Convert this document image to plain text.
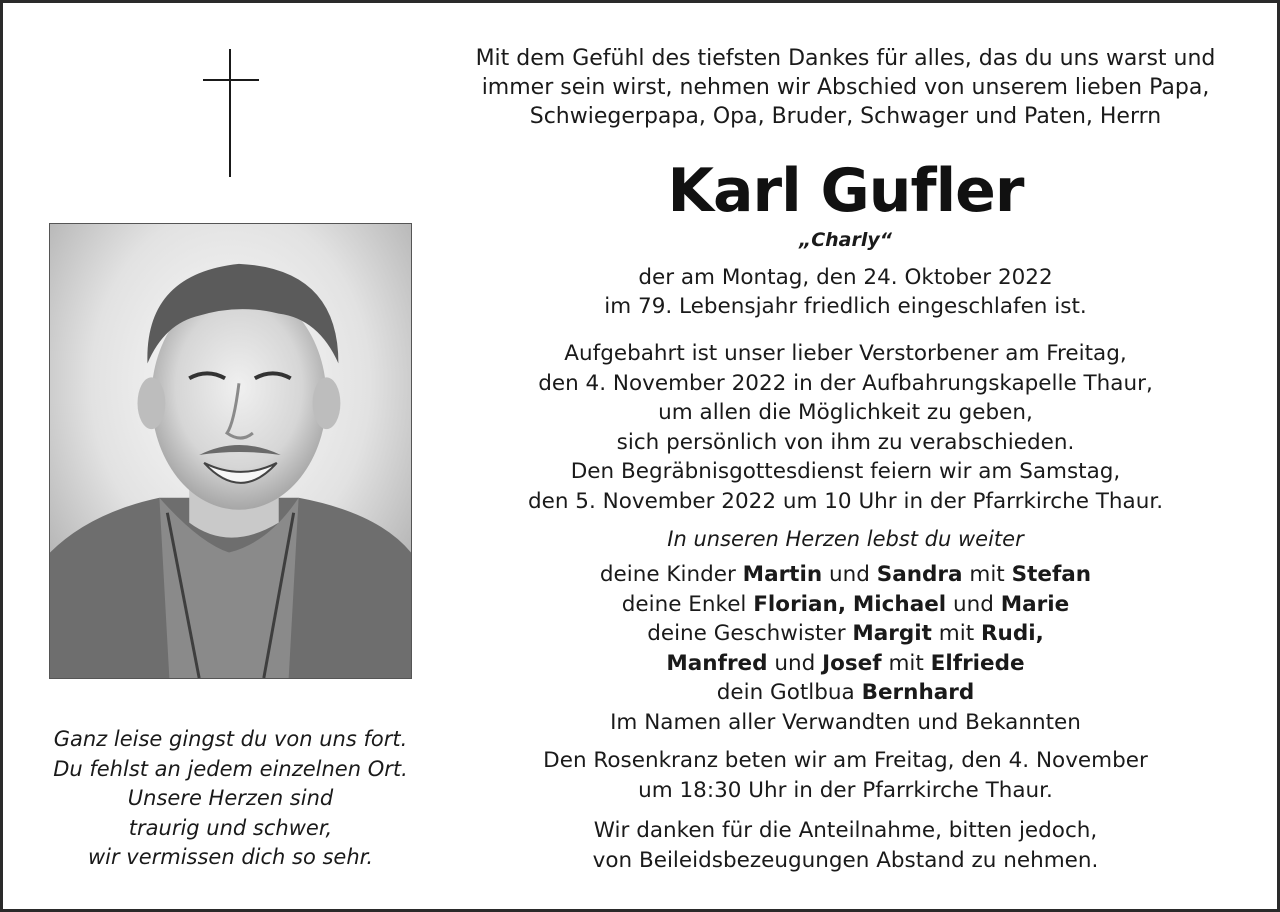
Ganz leise gingst du von uns fort.
Du fehlst an jedem einzelnen Ort.
Unsere Herzen sind
traurig und schwer,
wir vermissen dich so sehr.
Mit dem Gefühl des tiefsten Dankes für alles, das du uns warst und
immer sein wirst, nehmen wir Abschied von unserem lieben Papa,
Schwiegerpapa, Opa, Bruder, Schwager und Paten, Herrn
Karl Gufler
„Charly“
der am Montag, den 24. Oktober 2022
im 79. Lebensjahr friedlich eingeschlafen ist.
Aufgebahrt ist unser lieber Verstorbener am Freitag,
den 4. November 2022 in der Aufbahrungskapelle Thaur,
um allen die Möglichkeit zu geben,
sich persönlich von ihm zu verabschieden.
Den Begräbnisgottesdienst feiern wir am Samstag,
den 5. November 2022 um 10 Uhr in der Pfarrkirche Thaur.
In unseren Herzen lebst du weiter
deine Kinder Martin und Sandra mit Stefan
deine Enkel Florian, Michael und Marie
deine Geschwister Margit mit Rudi,
Manfred und Josef mit Elfriede
dein Gotlbua Bernhard
Im Namen aller Verwandten und Bekannten
Den Rosenkranz beten wir am Freitag, den 4. November
um 18:30 Uhr in der Pfarrkirche Thaur.
Wir danken für die Anteilnahme, bitten jedoch,
von Beileidsbezeugungen Abstand zu nehmen.
